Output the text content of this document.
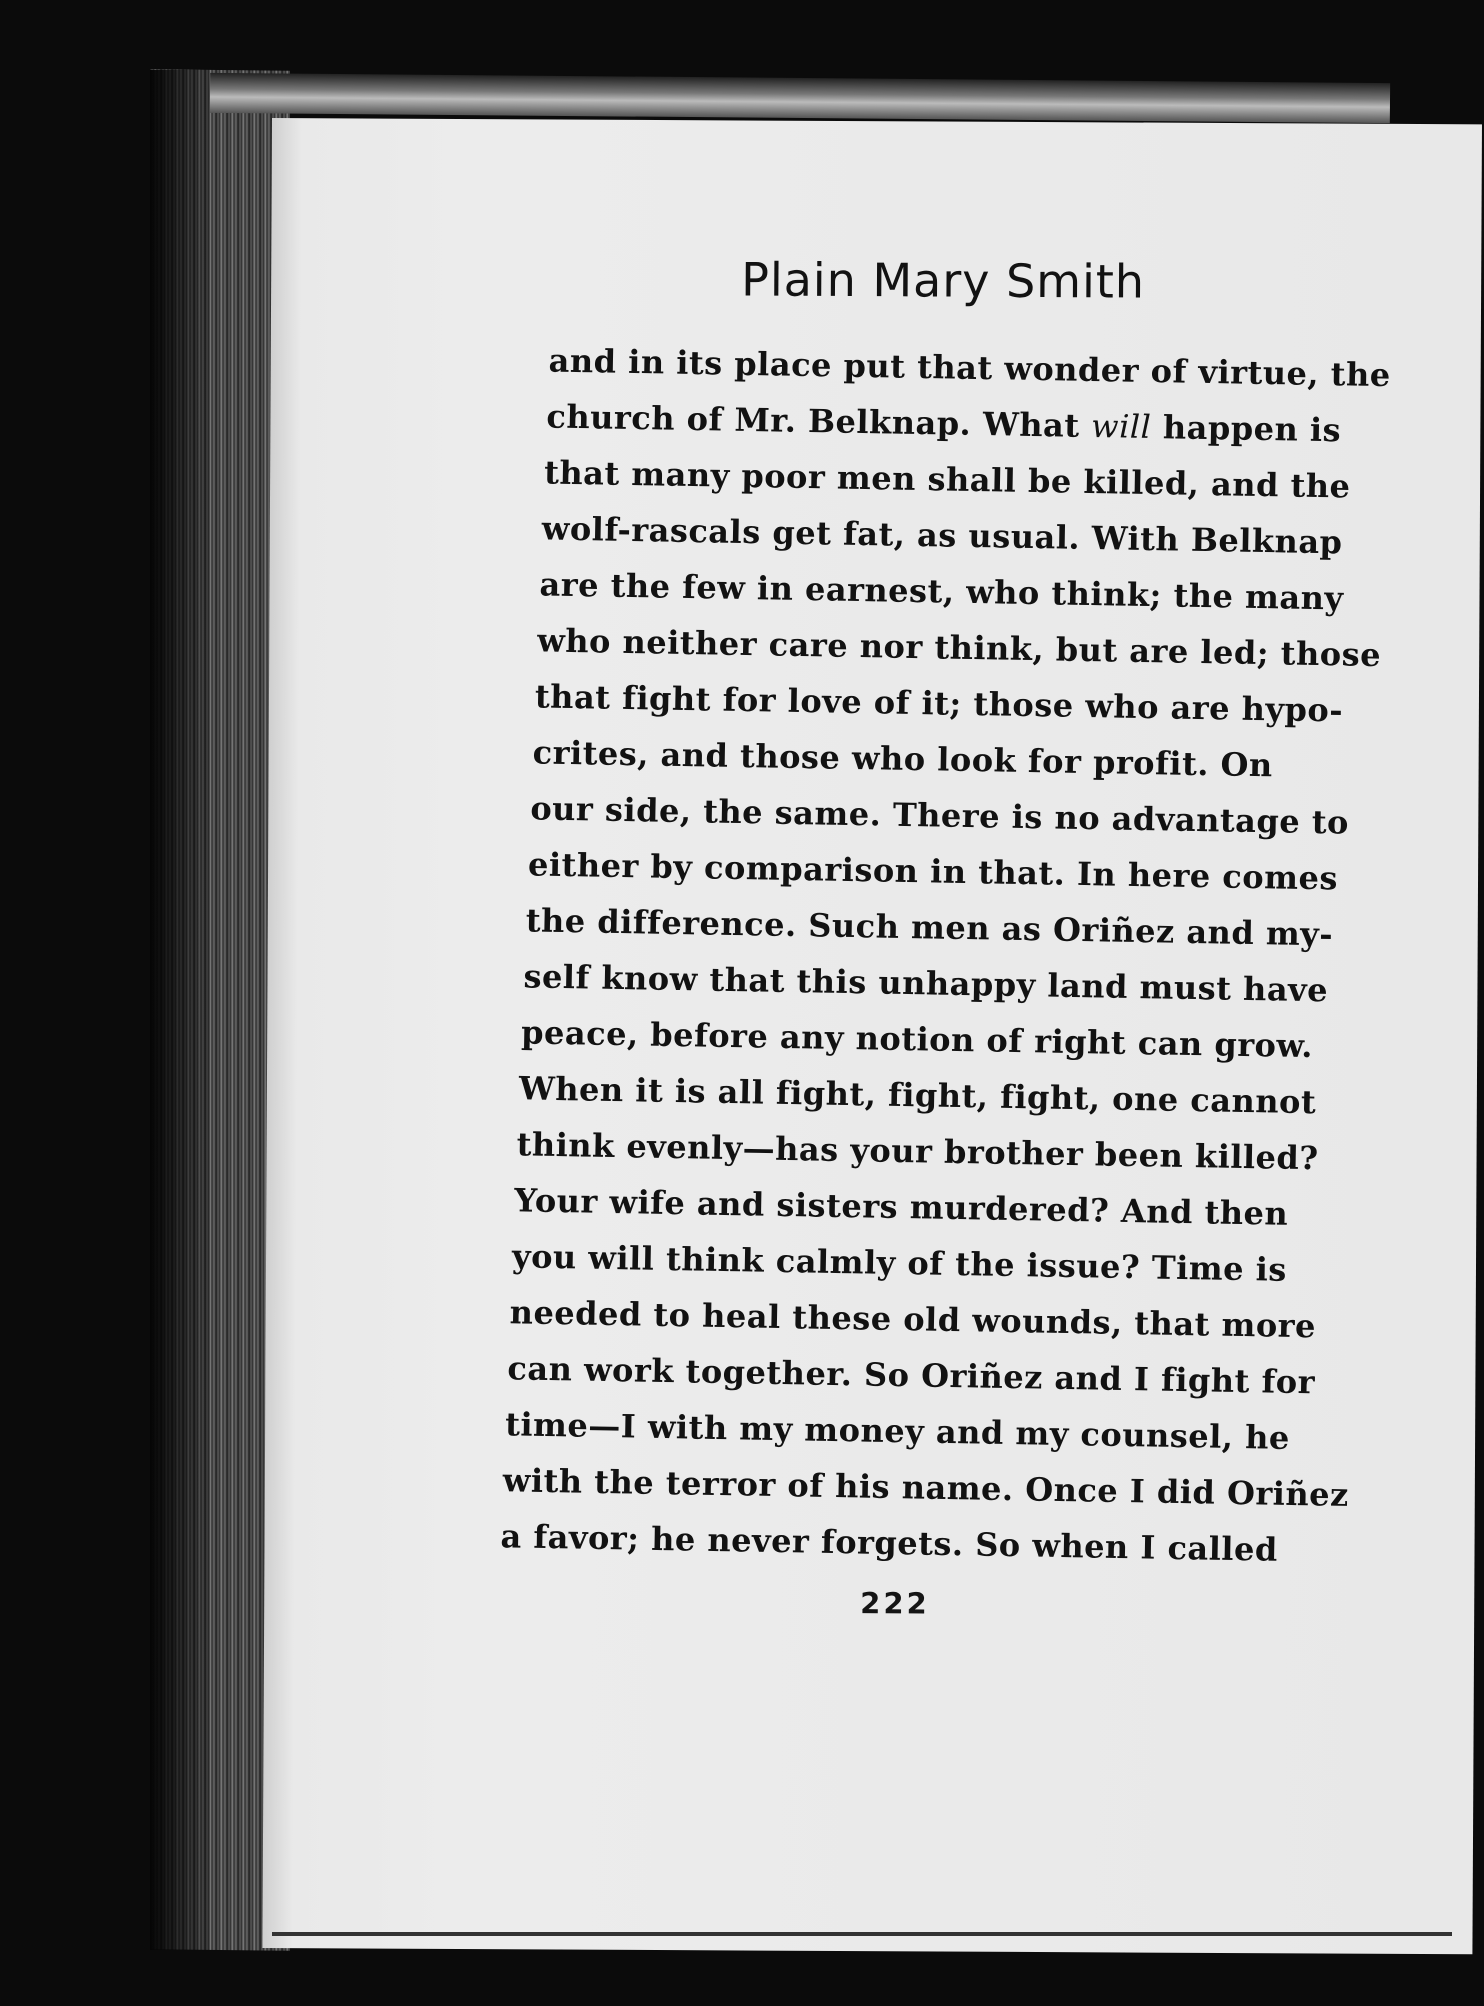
Plain Mary Smith
and in its place put that wonder of virtue, the
church of Mr. Belknap. What will happen is
that many poor men shall be killed, and the
wolf-rascals get fat, as usual. With Belknap
are the few in earnest, who think; the many
who neither care nor think, but are led; those
that fight for love of it; those who are hypo-
crites, and those who look for profit. On
our side, the same. There is no advantage to
either by comparison in that. In here comes
the difference. Such men as Oriñez and my-
self know that this unhappy land must have
peace, before any notion of right can grow.
When it is all fight, fight, fight, one cannot
think evenly—has your brother been killed?
Your wife and sisters murdered? And then
you will think calmly of the issue? Time is
needed to heal these old wounds, that more
can work together. So Oriñez and I fight for
time—I with my money and my counsel, he
with the terror of his name. Once I did Oriñez
a favor; he never forgets. So when I called
222
